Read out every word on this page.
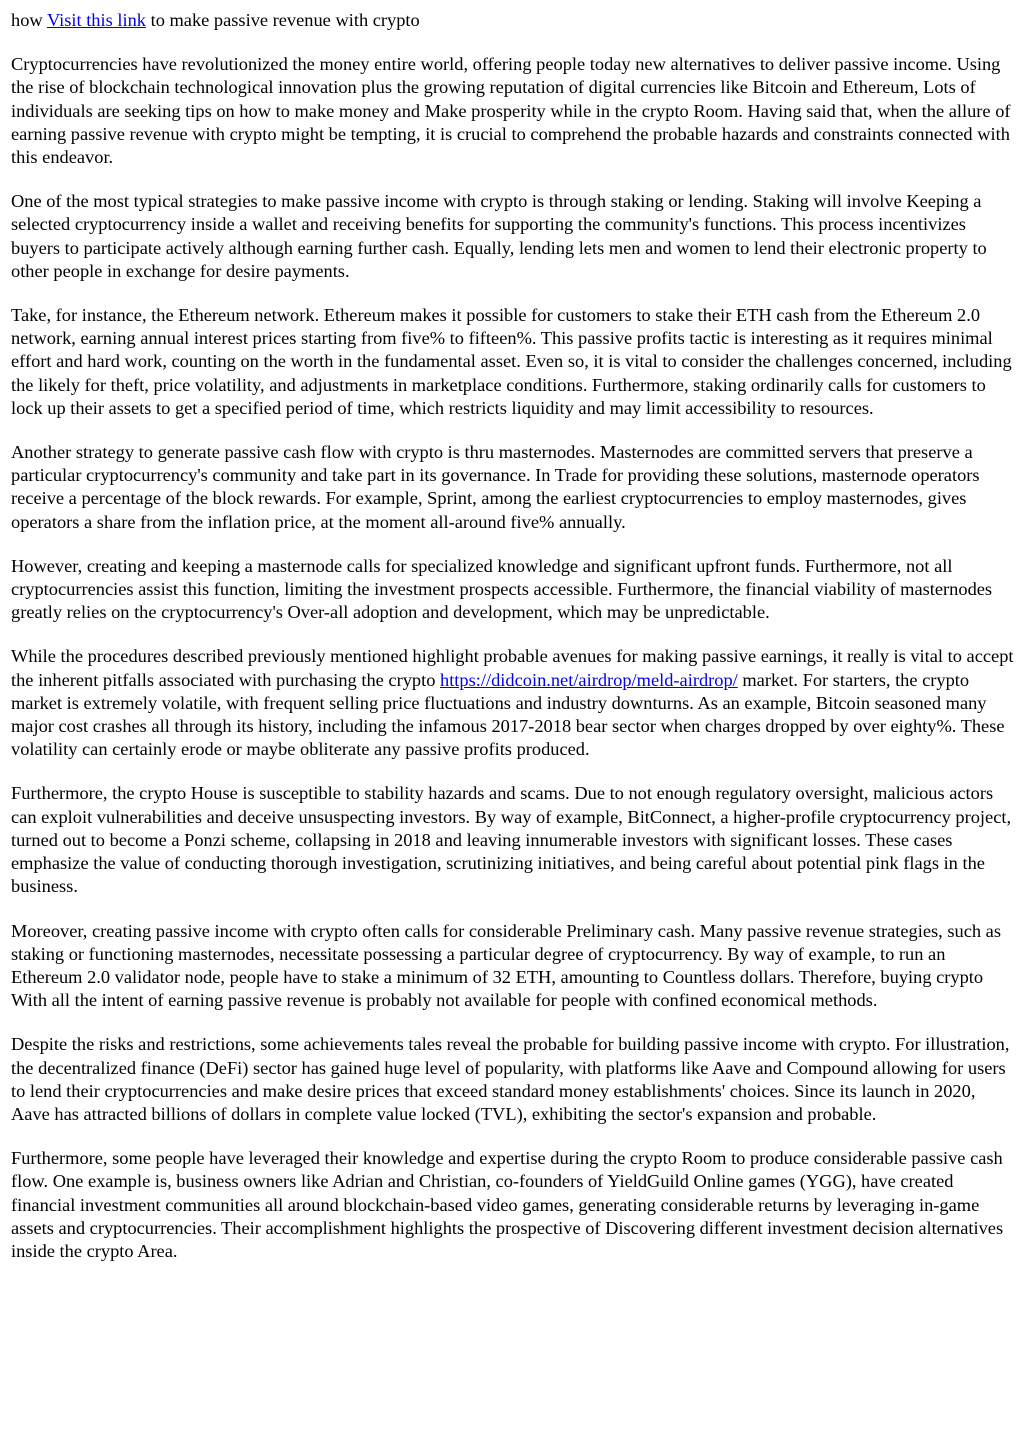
how Visit this link to make passive revenue with crypto

Cryptocurrencies have revolutionized the money entire world, offering people today new alternatives to deliver passive income. Using the rise of blockchain technological innovation plus the growing reputation of digital currencies like Bitcoin and Ethereum, Lots of individuals are seeking tips on how to make money and Make prosperity while in the crypto Room. Having said that, when the allure of earning passive revenue with crypto might be tempting, it is crucial to comprehend the probable hazards and constraints connected with this endeavor.

One of the most typical strategies to make passive income with crypto is through staking or lending. Staking will involve Keeping a selected cryptocurrency inside a wallet and receiving benefits for supporting the community's functions. This process incentivizes buyers to participate actively although earning further cash. Equally, lending lets men and women to lend their electronic property to other people in exchange for desire payments.

Take, for instance, the Ethereum network. Ethereum makes it possible for customers to stake their ETH cash from the Ethereum 2.0 network, earning annual interest prices starting from five% to fifteen%. This passive profits tactic is interesting as it requires minimal effort and hard work, counting on the worth in the fundamental asset. Even so, it is vital to consider the challenges concerned, including the likely for theft, price volatility, and adjustments in marketplace conditions. Furthermore, staking ordinarily calls for customers to lock up their assets to get a specified period of time, which restricts liquidity and may limit accessibility to resources.

Another strategy to generate passive cash flow with crypto is thru masternodes. Masternodes are committed servers that preserve a particular cryptocurrency's community and take part in its governance. In Trade for providing these solutions, masternode operators receive a percentage of the block rewards. For example, Sprint, among the earliest cryptocurrencies to employ masternodes, gives operators a share from the inflation price, at the moment all-around five% annually.

However, creating and keeping a masternode calls for specialized knowledge and significant upfront funds. Furthermore, not all cryptocurrencies assist this function, limiting the investment prospects accessible. Furthermore, the financial viability of masternodes greatly relies on the cryptocurrency's Over-all adoption and development, which may be unpredictable.

While the procedures described previously mentioned highlight probable avenues for making passive earnings, it really is vital to accept the inherent pitfalls associated with purchasing the crypto https://didcoin.net/airdrop/meld-airdrop/ market. For starters, the crypto market is extremely volatile, with frequent selling price fluctuations and industry downturns. As an example, Bitcoin seasoned many major cost crashes all through its history, including the infamous 2017-2018 bear sector when charges dropped by over eighty%. These volatility can certainly erode or maybe obliterate any passive profits produced.

Furthermore, the crypto House is susceptible to stability hazards and scams. Due to not enough regulatory oversight, malicious actors can exploit vulnerabilities and deceive unsuspecting investors. By way of example, BitConnect, a higher-profile cryptocurrency project, turned out to become a Ponzi scheme, collapsing in 2018 and leaving innumerable investors with significant losses. These cases emphasize the value of conducting thorough investigation, scrutinizing initiatives, and being careful about potential pink flags in the business.

Moreover, creating passive income with crypto often calls for considerable Preliminary cash. Many passive revenue strategies, such as staking or functioning masternodes, necessitate possessing a particular degree of cryptocurrency. By way of example, to run an Ethereum 2.0 validator node, people have to stake a minimum of 32 ETH, amounting to Countless dollars. Therefore, buying crypto With all the intent of earning passive revenue is probably not available for people with confined economical methods.

Despite the risks and restrictions, some achievements tales reveal the probable for building passive income with crypto. For illustration, the decentralized finance (DeFi) sector has gained huge level of popularity, with platforms like Aave and Compound allowing for users to lend their cryptocurrencies and make desire prices that exceed standard money establishments' choices. Since its launch in 2020, Aave has attracted billions of dollars in complete value locked (TVL), exhibiting the sector's expansion and probable.

Furthermore, some people have leveraged their knowledge and expertise during the crypto Room to produce considerable passive cash flow. One example is, business owners like Adrian and Christian, co-founders of YieldGuild Online games (YGG), have created financial investment communities all around blockchain-based video games, generating considerable returns by leveraging in-game assets and cryptocurrencies. Their accomplishment highlights the prospective of Discovering different investment decision alternatives inside the crypto Area.
